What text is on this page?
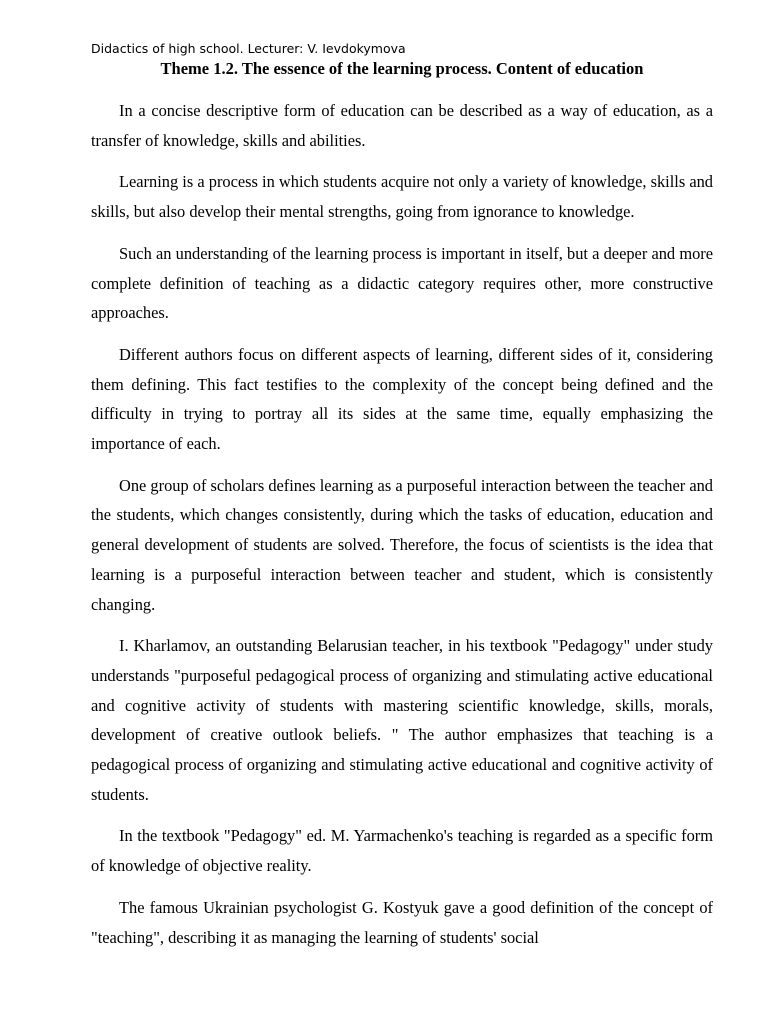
Didactics of high school. Lecturer: V. Ievdokymova
Theme 1.2. The essence of the learning process. Content of education

In a concise descriptive form of education can be described as a way of education, as a transfer of knowledge, skills and abilities.

Learning is a process in which students acquire not only a variety of knowledge, skills and skills, but also develop their mental strengths, going from ignorance to knowledge.

Such an understanding of the learning process is important in itself, but a deeper and more complete definition of teaching as a didactic category requires other, more constructive approaches.

Different authors focus on different aspects of learning, different sides of it, considering them defining. This fact testifies to the complexity of the concept being defined and the difficulty in trying to portray all its sides at the same time, equally emphasizing the importance of each.

One group of scholars defines learning as a purposeful interaction between the teacher and the students, which changes consistently, during which the tasks of education, education and general development of students are solved. Therefore, the focus of scientists is the idea that learning is a purposeful interaction between teacher and student, which is consistently changing.

I. Kharlamov, an outstanding Belarusian teacher, in his textbook "Pedagogy" under study understands "purposeful pedagogical process of organizing and stimulating active educational and cognitive activity of students with mastering scientific knowledge, skills, morals, development of creative outlook beliefs. " The author emphasizes that teaching is a pedagogical process of organizing and stimulating active educational and cognitive activity of students.

In the textbook "Pedagogy" ed. M. Yarmachenko's teaching is regarded as a specific form of knowledge of objective reality.

The famous Ukrainian psychologist G. Kostyuk gave a good definition of the concept of "teaching", describing it as managing the learning of students' social
